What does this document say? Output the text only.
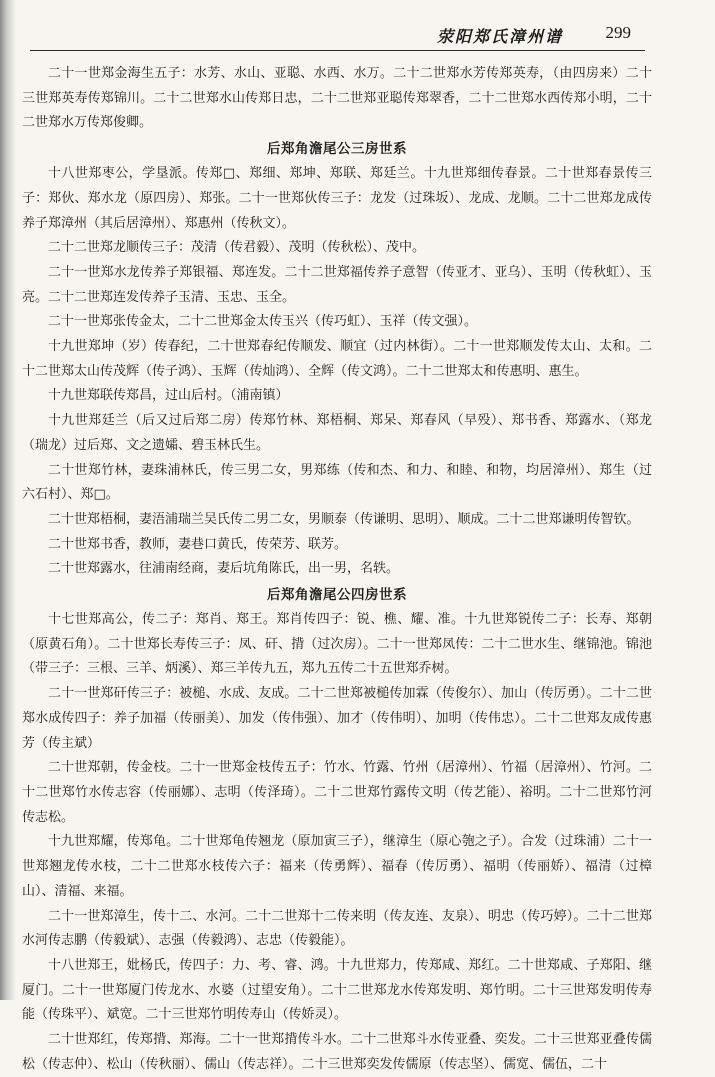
荥阳郑氏漳州谱	299

二十一世郑金海生五子：水芳、水山、亚聪、水西、水万。二十二世郑水芳传郑英寿，（由四房来）二十三世郑英寿传郑锦川。二十二世郑水山传郑日忠，二十二世郑亚聪传郑翠香，二十二世郑水西传郑小明，二十二世郑水万传郑俊卿。

后郑角澹尾公三房世系

十八世郑枣公，学垦派。传郑□、郑细、郑坤、郑联、郑廷兰。十九世郑细传春景。二十世郑春景传三子：郑伙、郑水龙（原四房）、郑张。二十一世郑伙传三子：龙发（过珠坂）、龙成、龙顺。二十二世郑龙成传养子郑漳州（其后居漳州）、郑惠州（传秋文）。

二十二世郑龙顺传三子：茂清（传君毅）、茂明（传秋松）、茂中。

二十一世郑水龙传养子郑银福、郑连发。二十二世郑福传养子意智（传亚才、亚乌）、玉明（传秋虹）、玉亮。二十二世郑连发传养子玉清、玉忠、玉全。

二十一世郑张传金太，二十二世郑金太传玉兴（传巧虹）、玉祥（传文强）。

十九世郑坤（岁）传春纪，二十世郑春纪传顺发、顺宜（过内林街）。二十一世郑顺发传太山、太和。二十二世郑太山传茂辉（传子鸿）、玉辉（传灿鸿）、全辉（传文鸿）。二十二世郑太和传惠明、惠生。

十九世郑联传郑昌，过山后村。（浦南镇）

十九世郑廷兰（后又过后郑二房）传郑竹林、郑梧桐、郑呆、郑春风（早殁）、郑书香、郑露水、（郑龙（瑞龙）过后郑、文之遗孀、碧玉林氏生。

二十世郑竹林，妻珠浦林氏，传三男二女，男郑练（传和杰、和力、和睦、和物，均居漳州）、郑生（过六石村）、郑□。

二十世郑梧桐，妻浯浦瑞兰吴氏传二男二女，男顺泰（传谦明、思明）、顺成。二十二世郑谦明传智钦。

二十世郑书香，教师，妻巷口黄氏，传荣芳、联芳。

二十世郑露水，往浦南经商，妻后坑角陈氏，出一男，名轶。

后郑角澹尾公四房世系

十七世郑高公，传二子：郑肖、郑王。郑肖传四子：锐、樵、耀、准。十九世郑锐传二子：长寿、郑朝（原黄石角）。二十世郑长寿传三子：凤、矸、揹（过次房）。二十一世郑凤传：二十二世水生、继锦池。锦池（带三子：三根、三羊、炳溪）、郑三羊传九五，郑九五传二十五世郑乔树。

二十一世郑矸传三子：被槌、水成、友成。二十二世郑被槌传加霖（传俊尔）、加山（传厉勇）。二十二世郑水成传四子：养子加福（传丽美）、加发（传伟强）、加才（传伟明）、加明（传伟忠）。二十二世郑友成传惠芳（传主斌）

二十世郑朝，传金枝。二十一世郑金枝传五子：竹水、竹露、竹州（居漳州）、竹福（居漳州）、竹河。二十二世郑竹水传志容（传丽娜）、志明（传泽琦）。二十二世郑竹露传文明（传艺能）、裕明。二十二世郑竹河传志松。

十九世郑耀，传郑龟。二十世郑龟传翘龙（原加寅三子），继漳生（原心匏之子）。合发（过珠浦）二十一世郑翘龙传水枝，二十二世郑水枝传六子：福来（传勇辉）、福春（传厉勇）、福明（传丽娇）、福清（过樟山）、清福、来福。

二十一世郑漳生，传十二、水河。二十二世郑十二传来明（传友连、友泉）、明忠（传巧婷）。二十二世郑水河传志鹏（传毅斌）、志强（传毅鸿）、志忠（传毅能）。

十八世郑王，妣杨氏，传四子：力、考、睿、鸿。十九世郑力，传郑咸、郑红。二十世郑咸、子郑阳、继厦门。二十一世郑厦门传龙水、水婆（过望安角）。二十二世郑龙水传郑发明、郑竹明。二十三世郑发明传寿能（传珠平）、斌宽。二十三世郑竹明传寿山（传娇灵）。

二十世郑红，传郑揹、郑海。二十一世郑揹传斗水。二十二世郑斗水传亚叠、奕发。二十三世郑亚叠传儒松（传志仲）、松山（传秋丽）、儒山（传志祥）。二十三世郑奕发传儒原（传志坚）、儒宽、儒伍，二十
